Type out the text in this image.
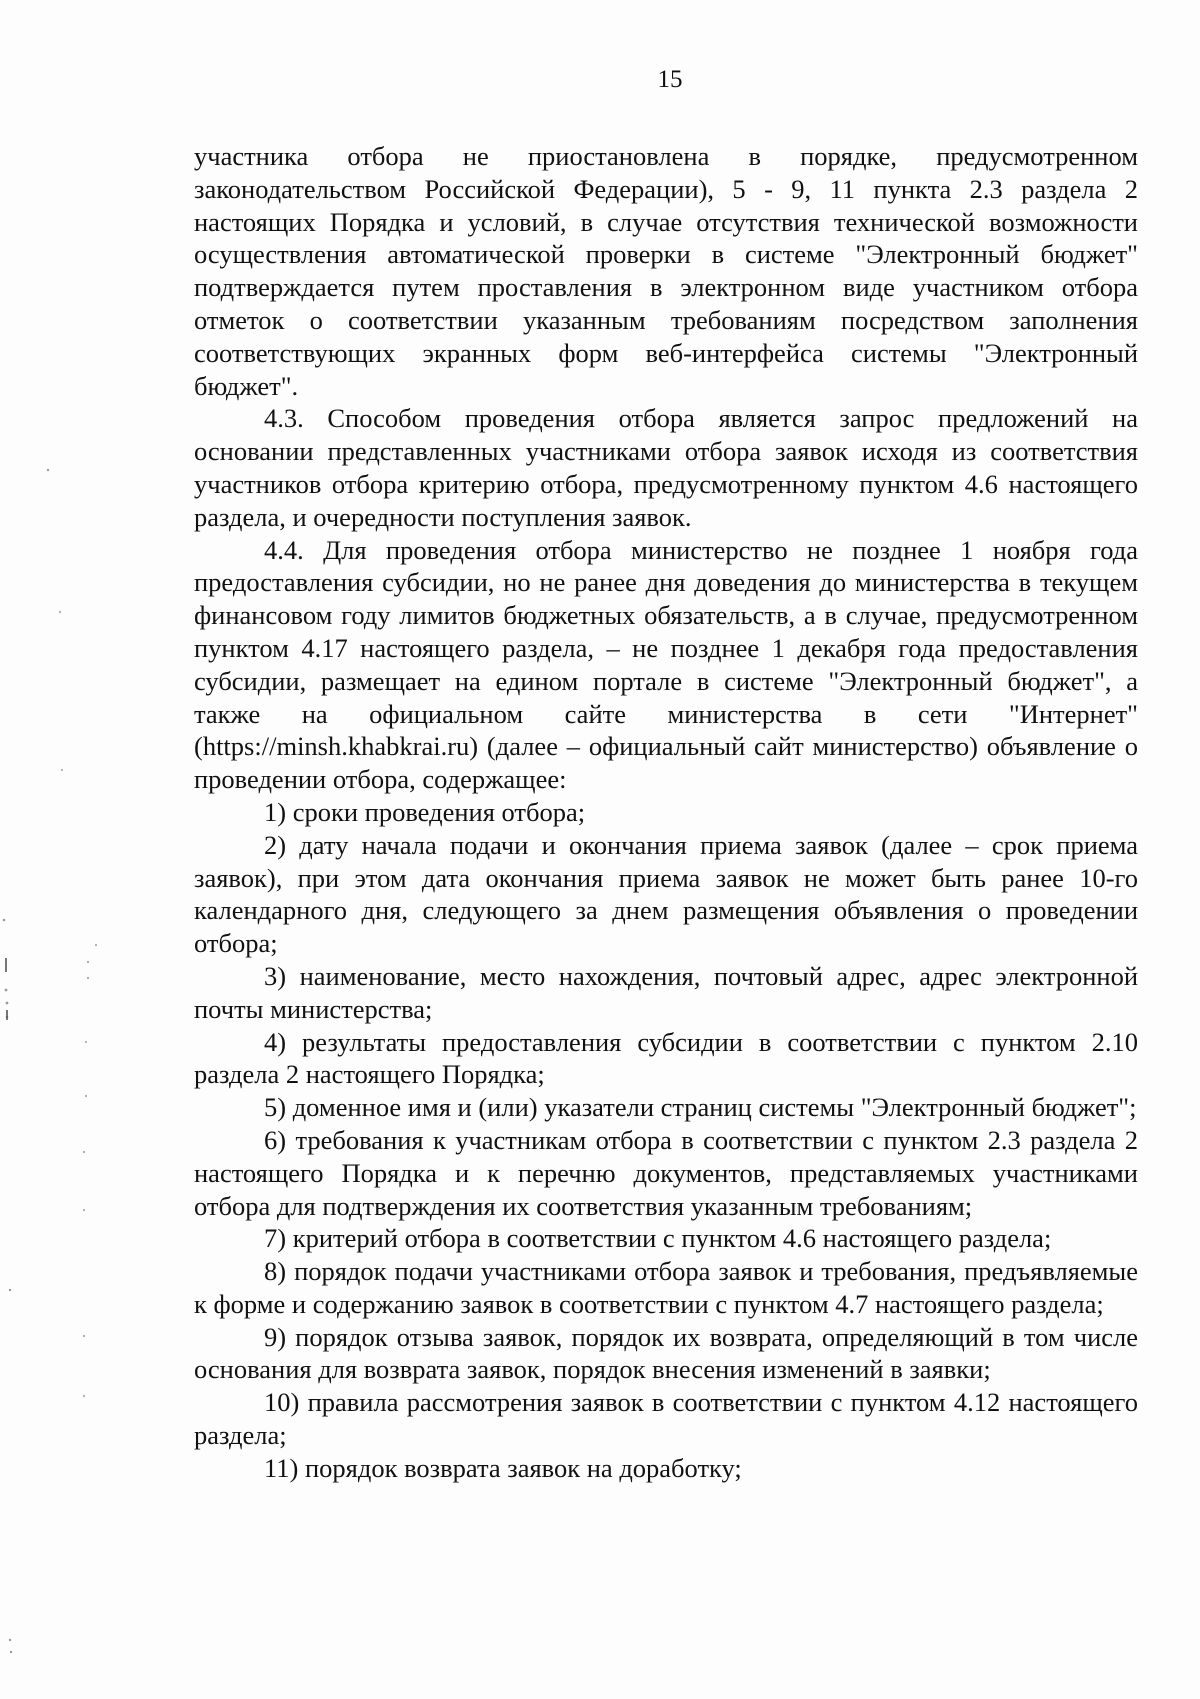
15

участника отбора не приостановлена в порядке, предусмотренном законодательством Российской Федерации), 5 - 9, 11 пункта 2.3 раздела 2 настоящих Порядка и условий, в случае отсутствия технической возможности осуществления автоматической проверки в системе "Электронный бюджет" подтверждается путем проставления в электронном виде участником отбора отметок о соответствии указанным требованиям посредством заполнения соответствующих экранных форм веб-интерфейса системы "Электронный бюджет".

4.3. Способом проведения отбора является запрос предложений на основании представленных участниками отбора заявок исходя из соответствия участников отбора критерию отбора, предусмотренному пунктом 4.6 настоящего раздела, и очередности поступления заявок.

4.4. Для проведения отбора министерство не позднее 1 ноября года предоставления субсидии, но не ранее дня доведения до министерства в текущем финансовом году лимитов бюджетных обязательств, а в случае, предусмотренном пунктом 4.17 настоящего раздела, – не позднее 1 декабря года предоставления субсидии, размещает на едином портале в системе "Электронный бюджет", а также на официальном сайте министерства в сети "Интернет" (https://minsh.khabkrai.ru) (далее – официальный сайт министерство) объявление о проведении отбора, содержащее:

1) сроки проведения отбора;

2) дату начала подачи и окончания приема заявок (далее – срок приема заявок), при этом дата окончания приема заявок не может быть ранее 10-го календарного дня, следующего за днем размещения объявления о проведении отбора;

3) наименование, место нахождения, почтовый адрес, адрес электронной почты министерства;

4) результаты предоставления субсидии в соответствии с пунктом 2.10 раздела 2 настоящего Порядка;

5) доменное имя и (или) указатели страниц системы "Электронный бюджет";

6) требования к участникам отбора в соответствии с пунктом 2.3 раздела 2 настоящего Порядка и к перечню документов, представляемых участниками отбора для подтверждения их соответствия указанным требованиям;

7) критерий отбора в соответствии с пунктом 4.6 настоящего раздела;

8) порядок подачи участниками отбора заявок и требования, предъявляемые к форме и содержанию заявок в соответствии с пунктом 4.7 настоящего раздела;

9) порядок отзыва заявок, порядок их возврата, определяющий в том числе основания для возврата заявок, порядок внесения изменений в заявки;

10) правила рассмотрения заявок в соответствии с пунктом 4.12 настоящего раздела;

11) порядок возврата заявок на доработку;
